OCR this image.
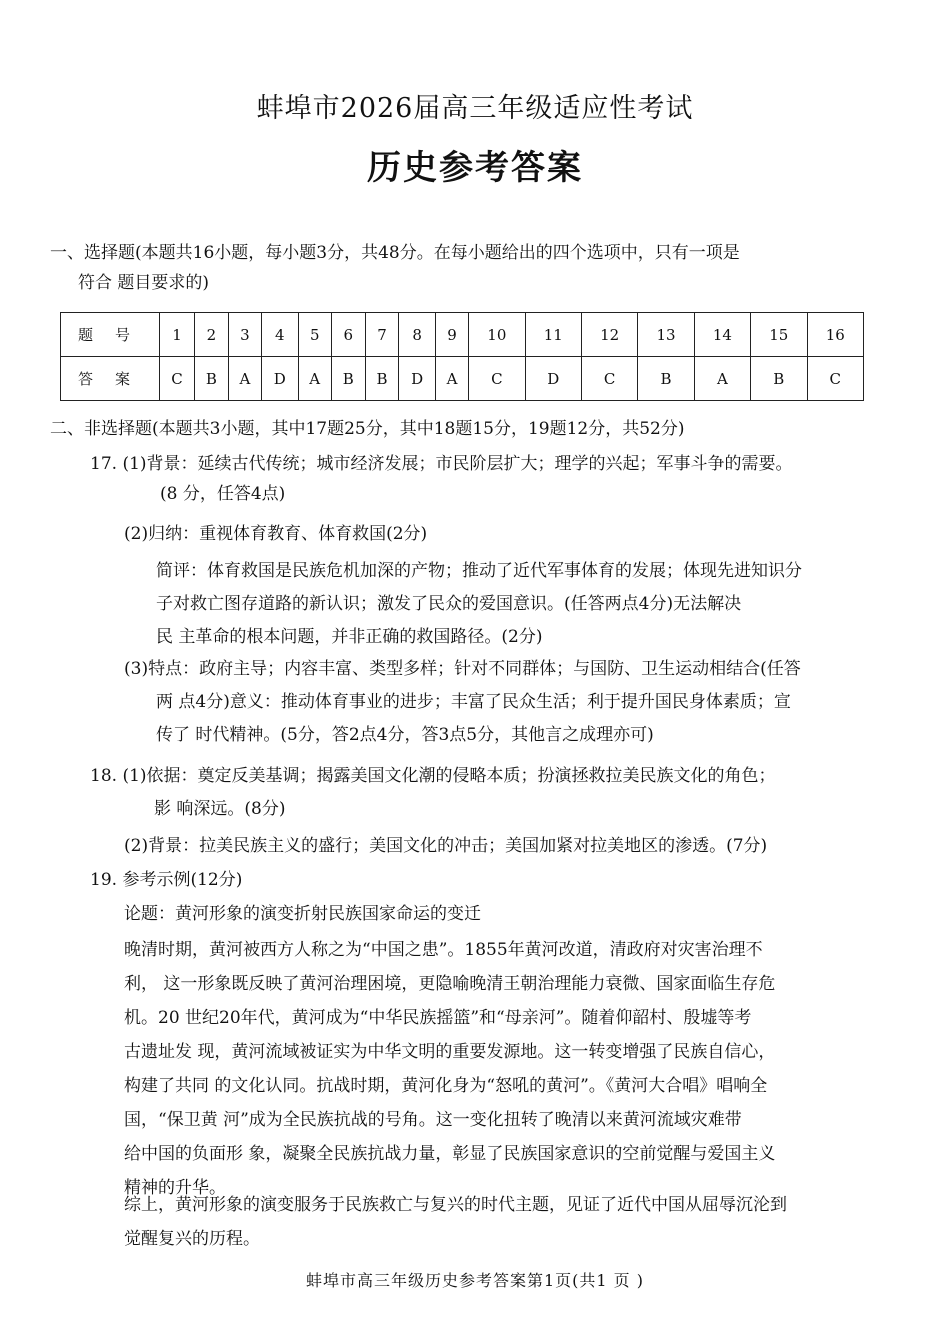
蚌埠市2026届高三年级适应性考试
历史参考答案
一、选择题(本题共16小题，每小题3分，共48分。在每小题给出的四个选项中，只有一项是
符合 题目要求的)
题号	1	2	3	4	5	6	7	8	9	10	11	12	13	14	15	16
答案	C	B	A	D	A	B	B	D	A	C	D	C	B	A	B	C
二、非选择题(本题共3小题，其中17题25分，其中18题15分，19题12分，共52分)
17. (1)背景：延续古代传统；城市经济发展；市民阶层扩大；理学的兴起；军事斗争的需要。
(8 分，任答4点)
(2)归纳：重视体育教育、体育救国(2分)
简评：体育救国是民族危机加深的产物；推动了近代军事体育的发展；体现先进知识分
子对救亡图存道路的新认识；激发了民众的爱国意识。(任答两点4分)无法解决
民 主革命的根本问题，并非正确的救国路径。(2分)
(3)特点：政府主导；内容丰富、类型多样；针对不同群体；与国防、卫生运动相结合(任答
两 点4分)意义：推动体育事业的进步；丰富了民众生活；利于提升国民身体素质；宣
传了 时代精神。(5分，答2点4分，答3点5分，其他言之成理亦可)
18. (1)依据：奠定反美基调；揭露美国文化潮的侵略本质；扮演拯救拉美民族文化的角色；
影 响深远。(8分)
(2)背景：拉美民族主义的盛行；美国文化的冲击；美国加紧对拉美地区的渗透。(7分)
19. 参考示例(12分)
论题：黄河形象的演变折射民族国家命运的变迁
晚清时期，黄河被西方人称之为“中国之患”。1855年黄河改道，清政府对灾害治理不
利， 这一形象既反映了黄河治理困境，更隐喻晚清王朝治理能力衰微、国家面临生存危
机。20 世纪20年代，黄河成为“中华民族摇篮”和“母亲河”。随着仰韶村、殷墟等考
古遗址发 现，黄河流域被证实为中华文明的重要发源地。这一转变增强了民族自信心，
构建了共同 的文化认同。抗战时期，黄河化身为“怒吼的黄河”。《黄河大合唱》唱响全
国，“保卫黄 河”成为全民族抗战的号角。这一变化扭转了晚清以来黄河流域灾难带
给中国的负面形 象，凝聚全民族抗战力量，彰显了民族国家意识的空前觉醒与爱国主义
精神的升华。
综上，黄河形象的演变服务于民族救亡与复兴的时代主题，见证了近代中国从屈辱沉沦到
觉醒复兴的历程。
蚌埠市高三年级历史参考答案第1页(共1 页 )
